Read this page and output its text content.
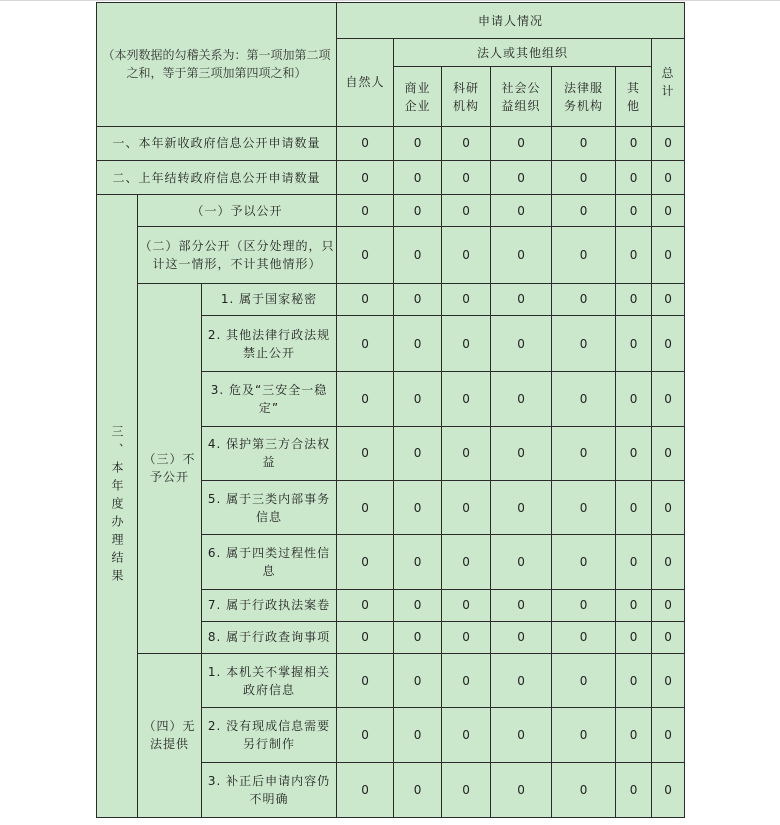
（本列数据的勾稽关系为：第一项加第二项之和，等于第三项加第四项之和）			申请人情况						
			自然人	法人或其他组织					总计
				商业企业	科研机构	社会公益组织	法律服务机构	其他	
一、本年新收政府信息公开申请数量			0	0	0	0	0	0	0
二、上年结转政府信息公开申请数量			0	0	0	0	0	0	0
三、本年度办理结果	（一）予以公开		0	0	0	0	0	0	0
	（二）部分公开（区分处理的，只计这一情形，不计其他情形）		0	0	0	0	0	0	0
	（三）不予公开	1. 属于国家秘密	0	0	0	0	0	0	0
		2. 其他法律行政法规禁止公开	0	0	0	0	0	0	0
		3. 危及“三安全一稳定”	0	0	0	0	0	0	0
		4. 保护第三方合法权益	0	0	0	0	0	0	0
		5. 属于三类内部事务信息	0	0	0	0	0	0	0
		6. 属于四类过程性信息	0	0	0	0	0	0	0
		7. 属于行政执法案卷	0	0	0	0	0	0	0
		8. 属于行政查询事项	0	0	0	0	0	0	0
	（四）无法提供	1. 本机关不掌握相关政府信息	0	0	0	0	0	0	0
		2. 没有现成信息需要另行制作	0	0	0	0	0	0	0
		3. 补正后申请内容仍不明确	0	0	0	0	0	0	0
